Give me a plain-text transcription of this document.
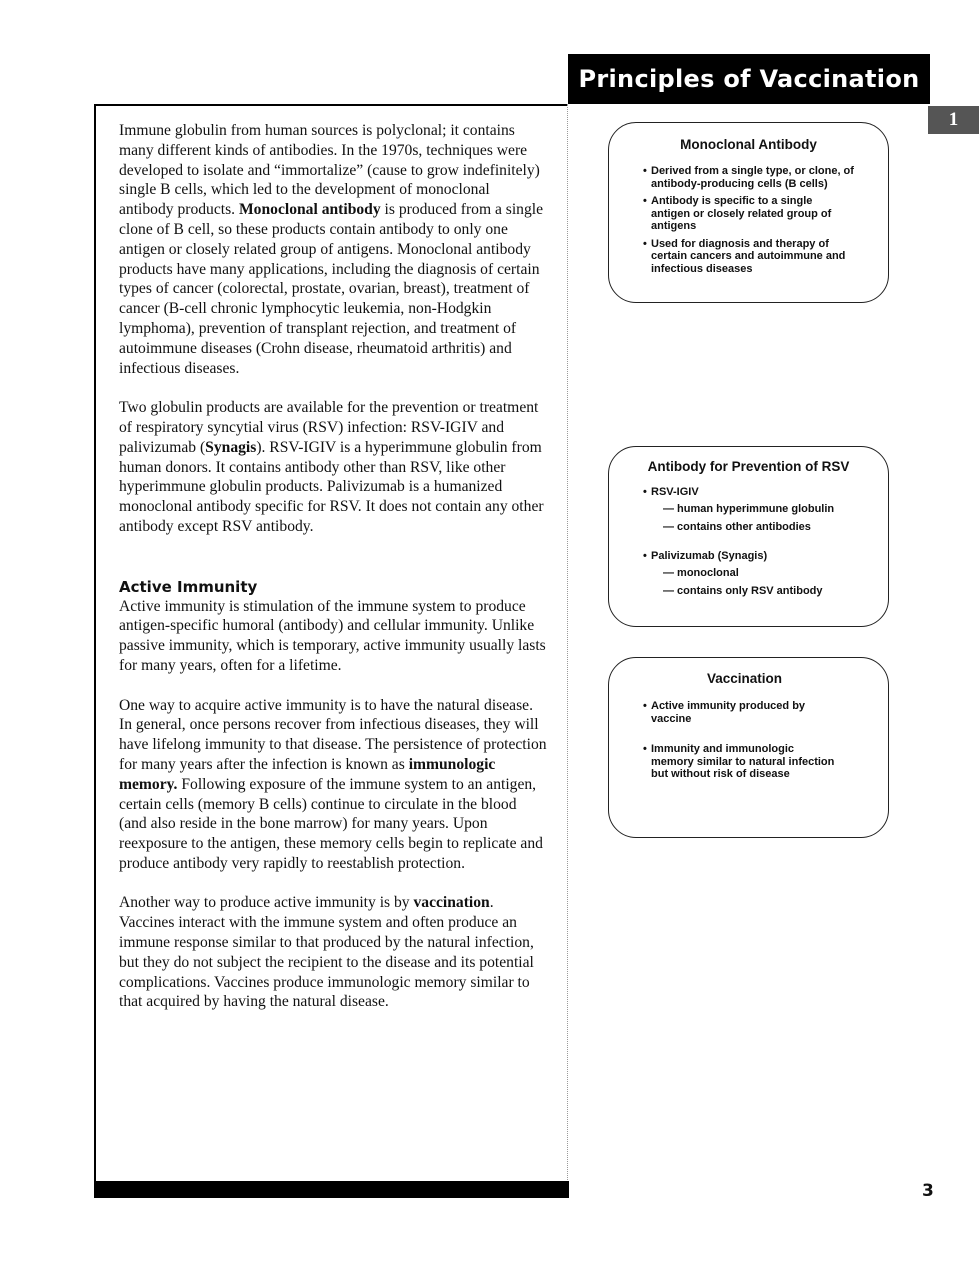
Principles of Vaccination
1

Immune globulin from human sources is polyclonal; it contains many different kinds of antibodies. In the 1970s, techniques were developed to isolate and “immortalize” (cause to grow indefinitely) single B cells, which led to the development of monoclonal antibody products. Monoclonal antibody is produced from a single clone of B cell, so these products contain antibody to only one antigen or closely related group of antigens. Monoclonal antibody products have many applications, including the diagnosis of certain types of cancer (colorectal, prostate, ovarian, breast), treatment of cancer (B-cell chronic lymphocytic leukemia, non-Hodgkin lymphoma), prevention of transplant rejection, and treatment of autoimmune diseases (Crohn disease, rheumatoid arthritis) and infectious diseases.

Two globulin products are available for the prevention or treatment of respiratory syncytial virus (RSV) infection: RSV-IGIV and palivizumab (Synagis). RSV-IGIV is a hyperimmune globulin from human donors. It contains antibody other than RSV, like other hyperimmune globulin products. Palivizumab is a humanized monoclonal antibody specific for RSV. It does not contain any other antibody except RSV antibody.

Active Immunity

Active immunity is stimulation of the immune system to produce antigen-specific humoral (antibody) and cellular immunity. Unlike passive immunity, which is temporary, active immunity usually lasts for many years, often for a lifetime.

One way to acquire active immunity is to have the natural disease. In general, once persons recover from infectious diseases, they will have lifelong immunity to that disease. The persistence of protection for many years after the infection is known as immunologic memory. Following exposure of the immune system to an antigen, certain cells (memory B cells) continue to circulate in the blood (and also reside in the bone marrow) for many years. Upon reexposure to the antigen, these memory cells begin to replicate and produce antibody very rapidly to reestablish protection.

Another way to produce active immunity is by vaccination. Vaccines interact with the immune system and often produce an immune response similar to that produced by the natural infection, but they do not subject the recipient to the disease and its potential complications. Vaccines produce immunologic memory similar to that acquired by having the natural disease.

Monoclonal Antibody
• Derived from a single type, or clone, of antibody-producing cells (B cells)
• Antibody is specific to a single antigen or closely related group of antigens
• Used for diagnosis and therapy of certain cancers and autoimmune and infectious diseases
Antibody for Prevention of RSV
• RSV-IGIV
— human hyperimmune globulin
— contains other antibodies
• Palivizumab (Synagis)
— monoclonal
— contains only RSV antibody
Vaccination
• Active immunity produced by vaccine
• Immunity and immunologic memory similar to natural infection but without risk of disease
3
